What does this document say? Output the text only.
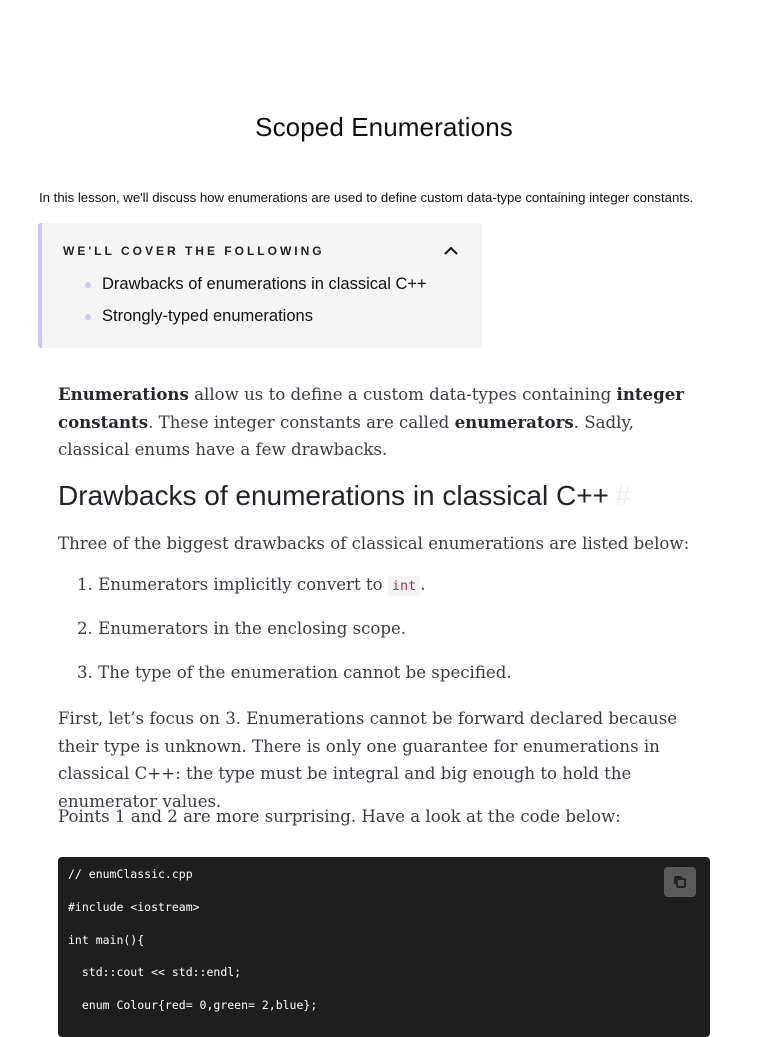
Scoped Enumerations
In this lesson, we'll discuss how enumerations are used to define custom data-type containing integer constants.
WE'LL COVER THE FOLLOWING
Drawbacks of enumerations in classical C++
Strongly-typed enumerations

Enumerations allow us to define a custom data-types containing integer constants. These integer constants are called enumerators. Sadly, classical enums have a few drawbacks.

Drawbacks of enumerations in classical C++ #
Three of the biggest drawbacks of classical enumerations are listed below:
1. Enumerators implicitly convert to int .
2. Enumerators in the enclosing scope.
3. The type of the enumeration cannot be specified.
First, let’s focus on 3. Enumerations cannot be forward declared because their type is unknown. There is only one guarantee for enumerations in classical C++: the type must be integral and big enough to hold the enumerator values.
Points 1 and 2 are more surprising. Have a look at the code below:
// enumClassic.cpp
#include <iostream>
int main(){
std::cout << std::endl;
enum Colour{red= 0,green= 2,blue};
